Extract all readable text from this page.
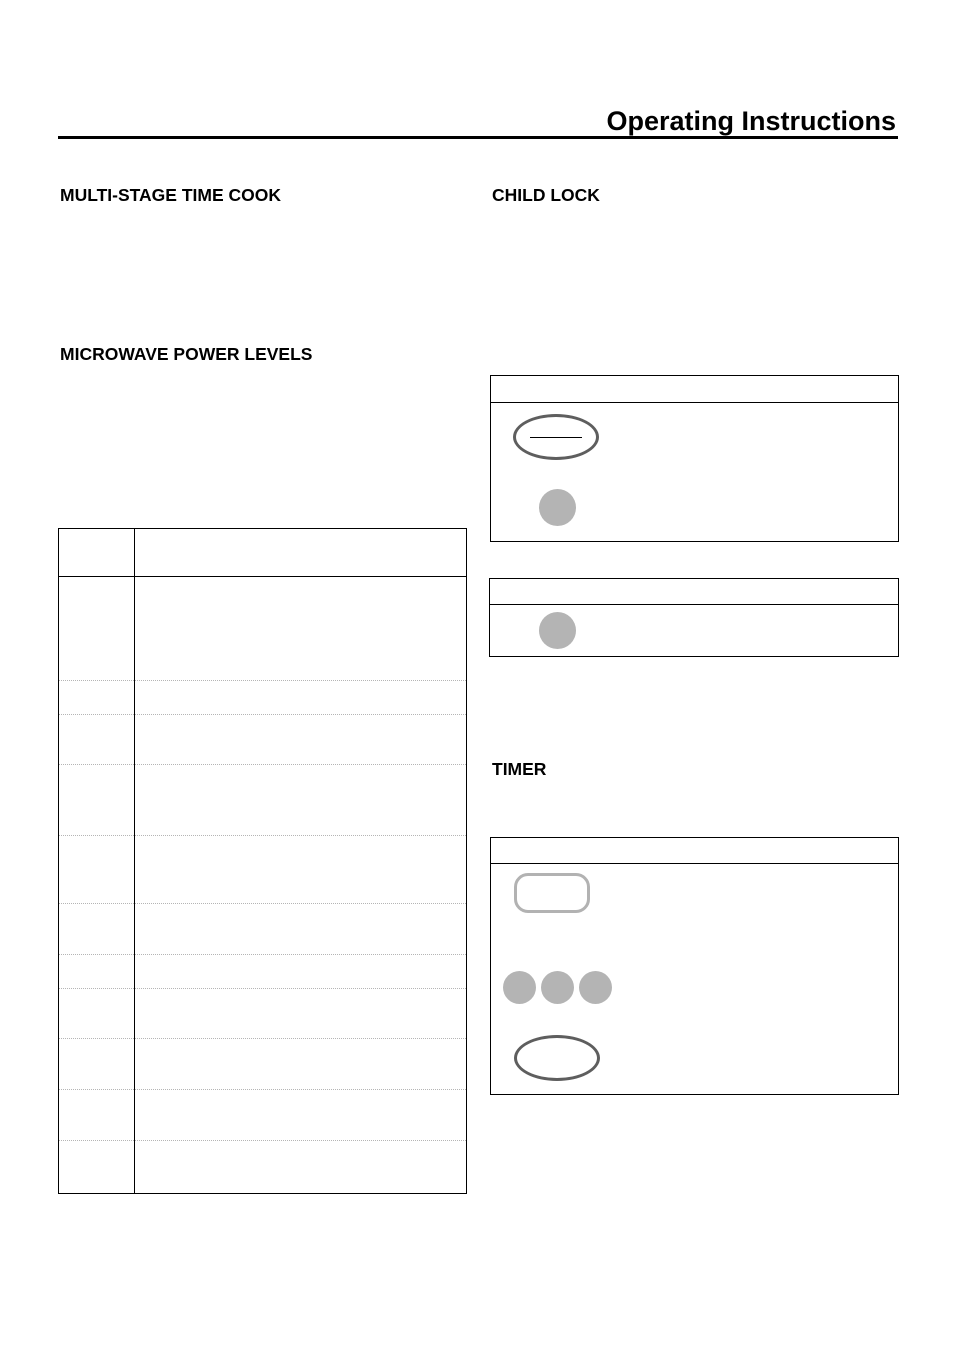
Operating Instructions
MULTI-STAGE TIME COOK
MICROWAVE POWER LEVELS
CHILD LOCK
TIMER
